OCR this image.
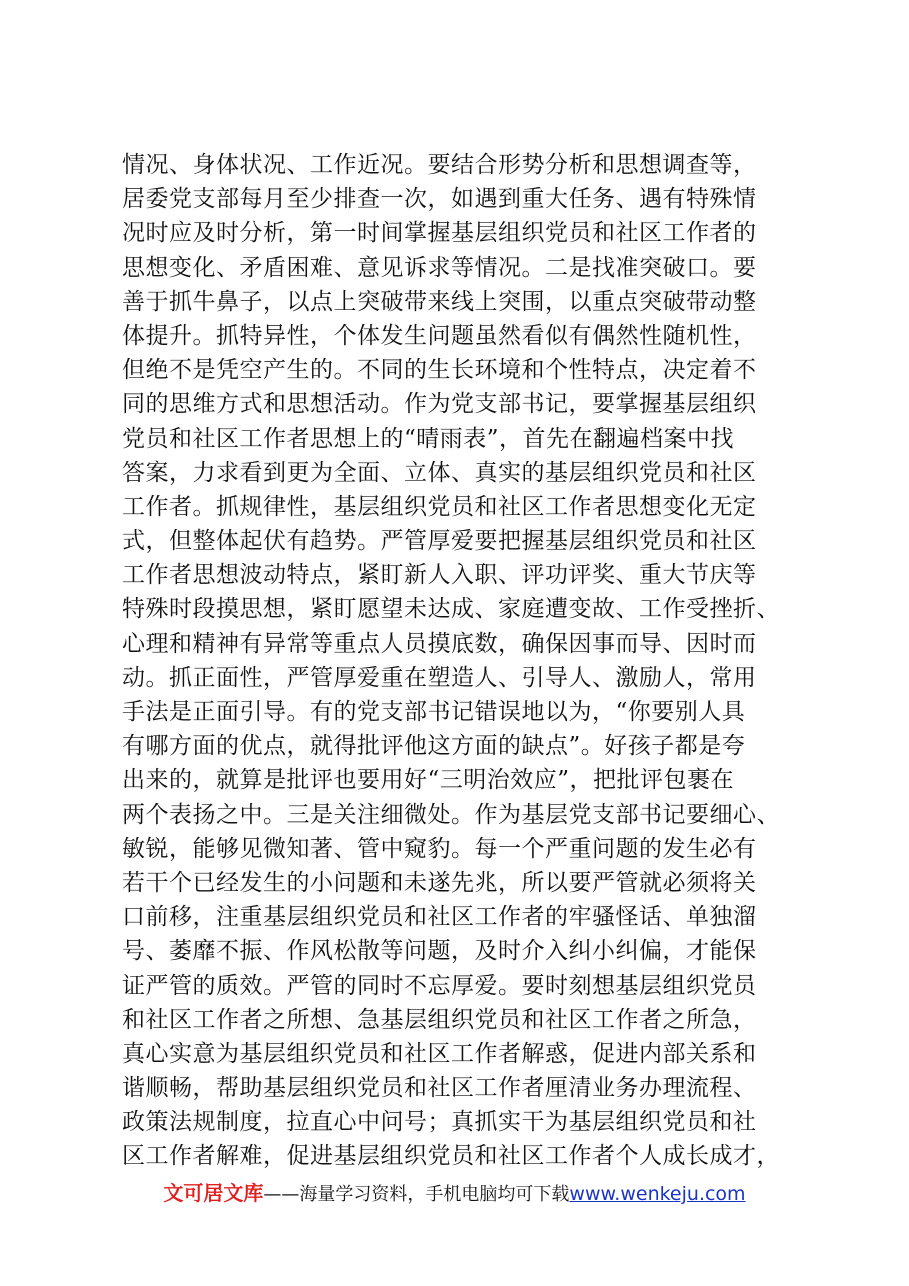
情况、身体状况、工作近况。要结合形势分析和思想调查等，
居委党支部每月至少排查一次，如遇到重大任务、遇有特殊情
况时应及时分析，第一时间掌握基层组织党员和社区工作者的
思想变化、矛盾困难、意见诉求等情况。二是找准突破口。要
善于抓牛鼻子，以点上突破带来线上突围，以重点突破带动整
体提升。抓特异性，个体发生问题虽然看似有偶然性随机性，
但绝不是凭空产生的。不同的生长环境和个性特点，决定着不
同的思维方式和思想活动。作为党支部书记，要掌握基层组织
党员和社区工作者思想上的“晴雨表”，首先在翻遍档案中找
答案，力求看到更为全面、立体、真实的基层组织党员和社区
工作者。抓规律性，基层组织党员和社区工作者思想变化无定
式，但整体起伏有趋势。严管厚爱要把握基层组织党员和社区
工作者思想波动特点，紧盯新人入职、评功评奖、重大节庆等
特殊时段摸思想，紧盯愿望未达成、家庭遭变故、工作受挫折、
心理和精神有异常等重点人员摸底数，确保因事而导、因时而
动。抓正面性，严管厚爱重在塑造人、引导人、激励人，常用
手法是正面引导。有的党支部书记错误地以为，“你要别人具
有哪方面的优点，就得批评他这方面的缺点”。好孩子都是夸
出来的，就算是批评也要用好“三明治效应”，把批评包裹在
两个表扬之中。三是关注细微处。作为基层党支部书记要细心、
敏锐，能够见微知著、管中窥豹。每一个严重问题的发生必有
若干个已经发生的小问题和未遂先兆，所以要严管就必须将关
口前移，注重基层组织党员和社区工作者的牢骚怪话、单独溜
号、萎靡不振、作风松散等问题，及时介入纠小纠偏，才能保
证严管的质效。严管的同时不忘厚爱。要时刻想基层组织党员
和社区工作者之所想、急基层组织党员和社区工作者之所急，
真心实意为基层组织党员和社区工作者解惑，促进内部关系和
谐顺畅，帮助基层组织党员和社区工作者厘清业务办理流程、
政策法规制度，拉直心中问号；真抓实干为基层组织党员和社
区工作者解难，促进基层组织党员和社区工作者个人成长成才，
文可居文库——海量学习资料，手机电脑均可下载www.wenkeju.com
